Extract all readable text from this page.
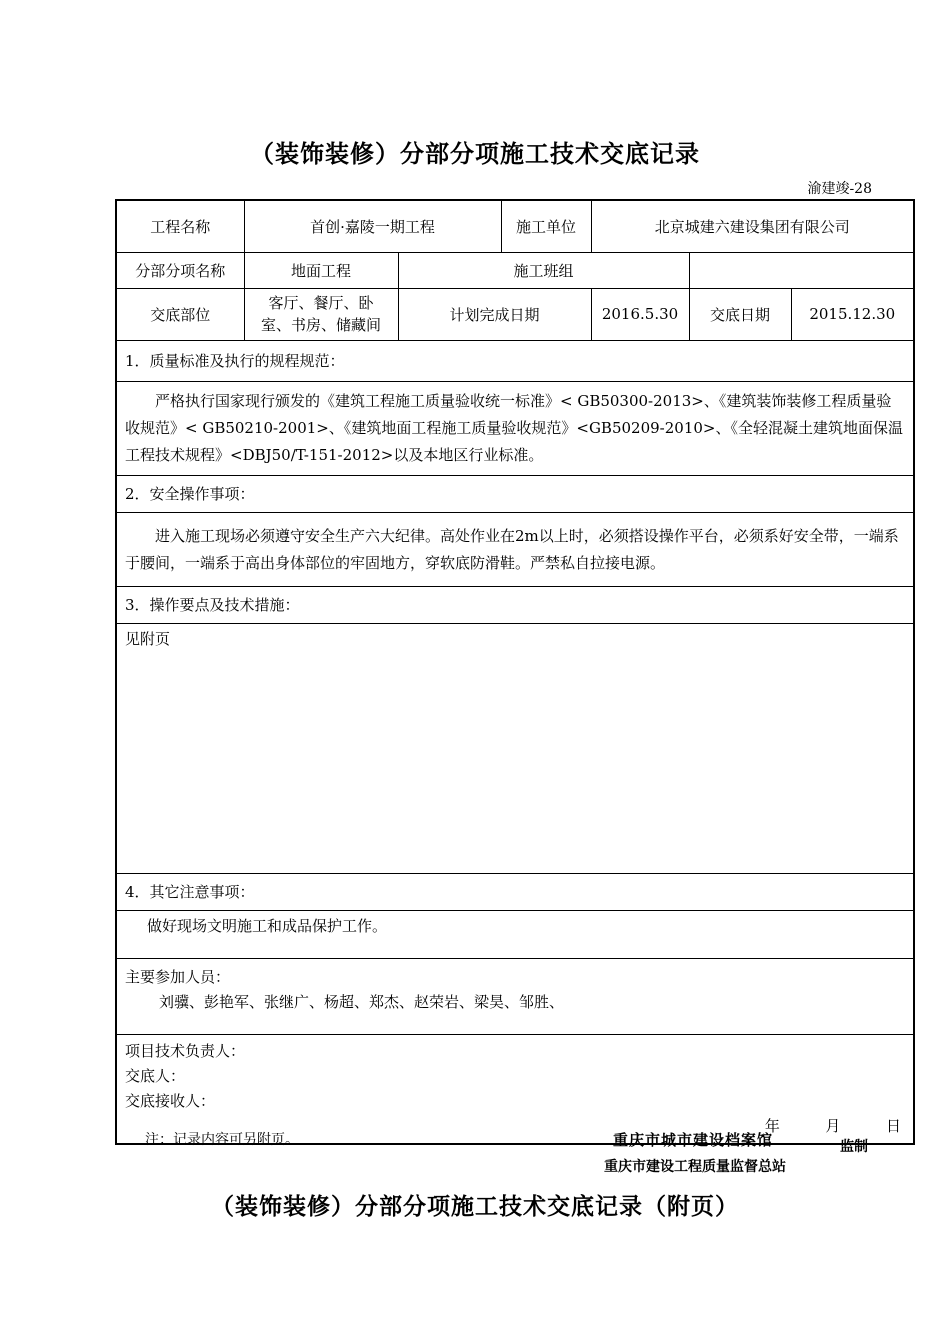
（装饰装修）分部分项施工技术交底记录
渝建竣-28
工程名称	首创·嘉陵一期工程		施工单位	北京城建六建设集团有限公司		
分部分项名称	地面工程	施工班组				
交底部位	客厅、餐厅、卧室、书房、储藏间	计划完成日期		2016.5.30	交底日期	2015.12.30
1．质量标准及执行的规程规范：						
严格执行国家现行颁发的《建筑工程施工质量验收统一标准》< GB50300-2013>、《建筑装饰装修工程质量验收规范》< GB50210-2001>、《建筑地面工程施工质量验收规范》<GB50209-2010>、《全轻混凝土建筑地面保温工程技术规程》<DBJ50/T-151-2012>以及本地区行业标准。						
2．安全操作事项：						
进入施工现场必须遵守安全生产六大纪律。高处作业在2m以上时，必须搭设操作平台，必须系好安全带，一端系于腰间，一端系于高出身体部位的牢固地方，穿软底防滑鞋。严禁私自拉接电源。						
3．操作要点及技术措施：						
见附页						
4．其它注意事项：						
做好现场文明施工和成品保护工作。						

主要参加人员：
刘骥、彭艳军、张继广、杨超、郑杰、赵荣岩、梁昊、邹胜、						

项目技术负责人：
交底人：
交底接收人：
年 月 日						
注：记录内容可另附页。	重庆市城市建设档案馆
重庆市建设工程质量监督总站
监制
（装饰装修）分部分项施工技术交底记录（附页）
